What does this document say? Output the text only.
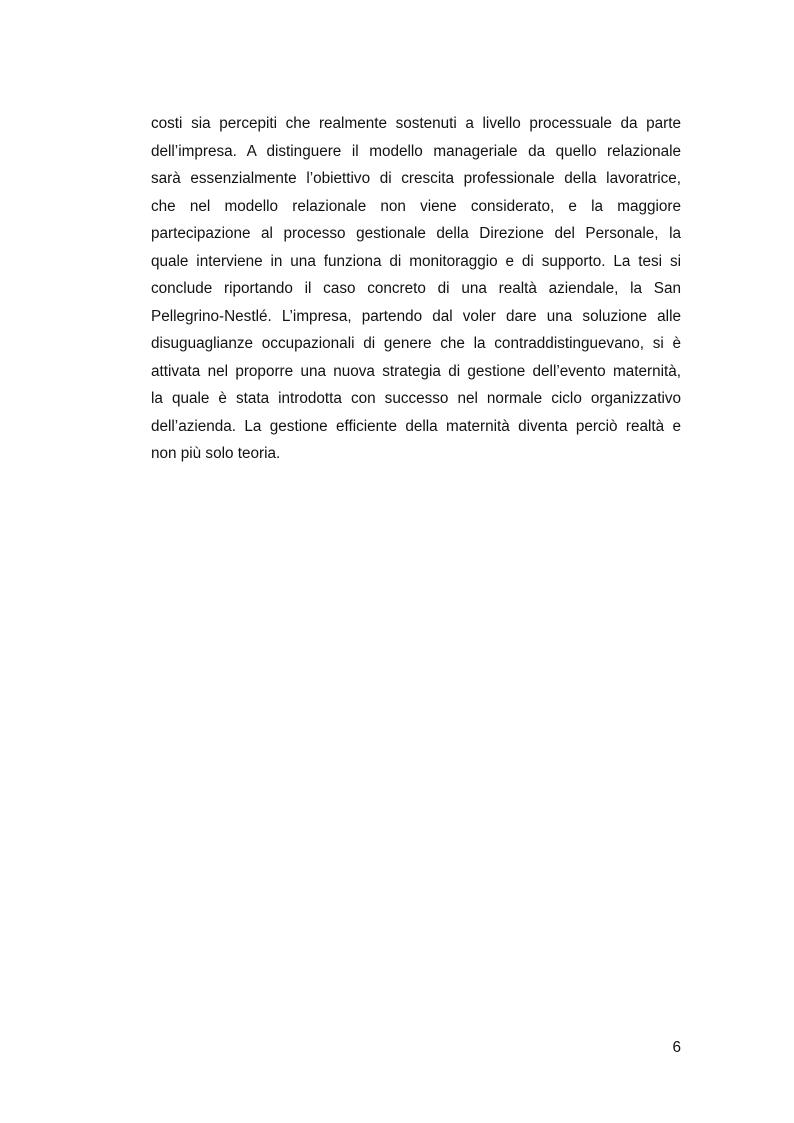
costi sia percepiti che realmente sostenuti a livello processuale da parte
dell’impresa. A distinguere il modello manageriale da quello relazionale
sarà essenzialmente l’obiettivo di crescita professionale della lavoratrice,
che nel modello relazionale non viene considerato, e la maggiore
partecipazione al processo gestionale della Direzione del Personale, la
quale interviene in una funziona di monitoraggio e di supporto. La tesi si
conclude riportando il caso concreto di una realtà aziendale, la San
Pellegrino-Nestlé. L’impresa, partendo dal voler dare una soluzione alle
disuguaglianze occupazionali di genere che la contraddistinguevano, si è
attivata nel proporre una nuova strategia di gestione dell’evento maternità,
la quale è stata introdotta con successo nel normale ciclo organizzativo
dell’azienda. La gestione efficiente della maternità diventa perciò realtà e
non più solo teoria.

6
